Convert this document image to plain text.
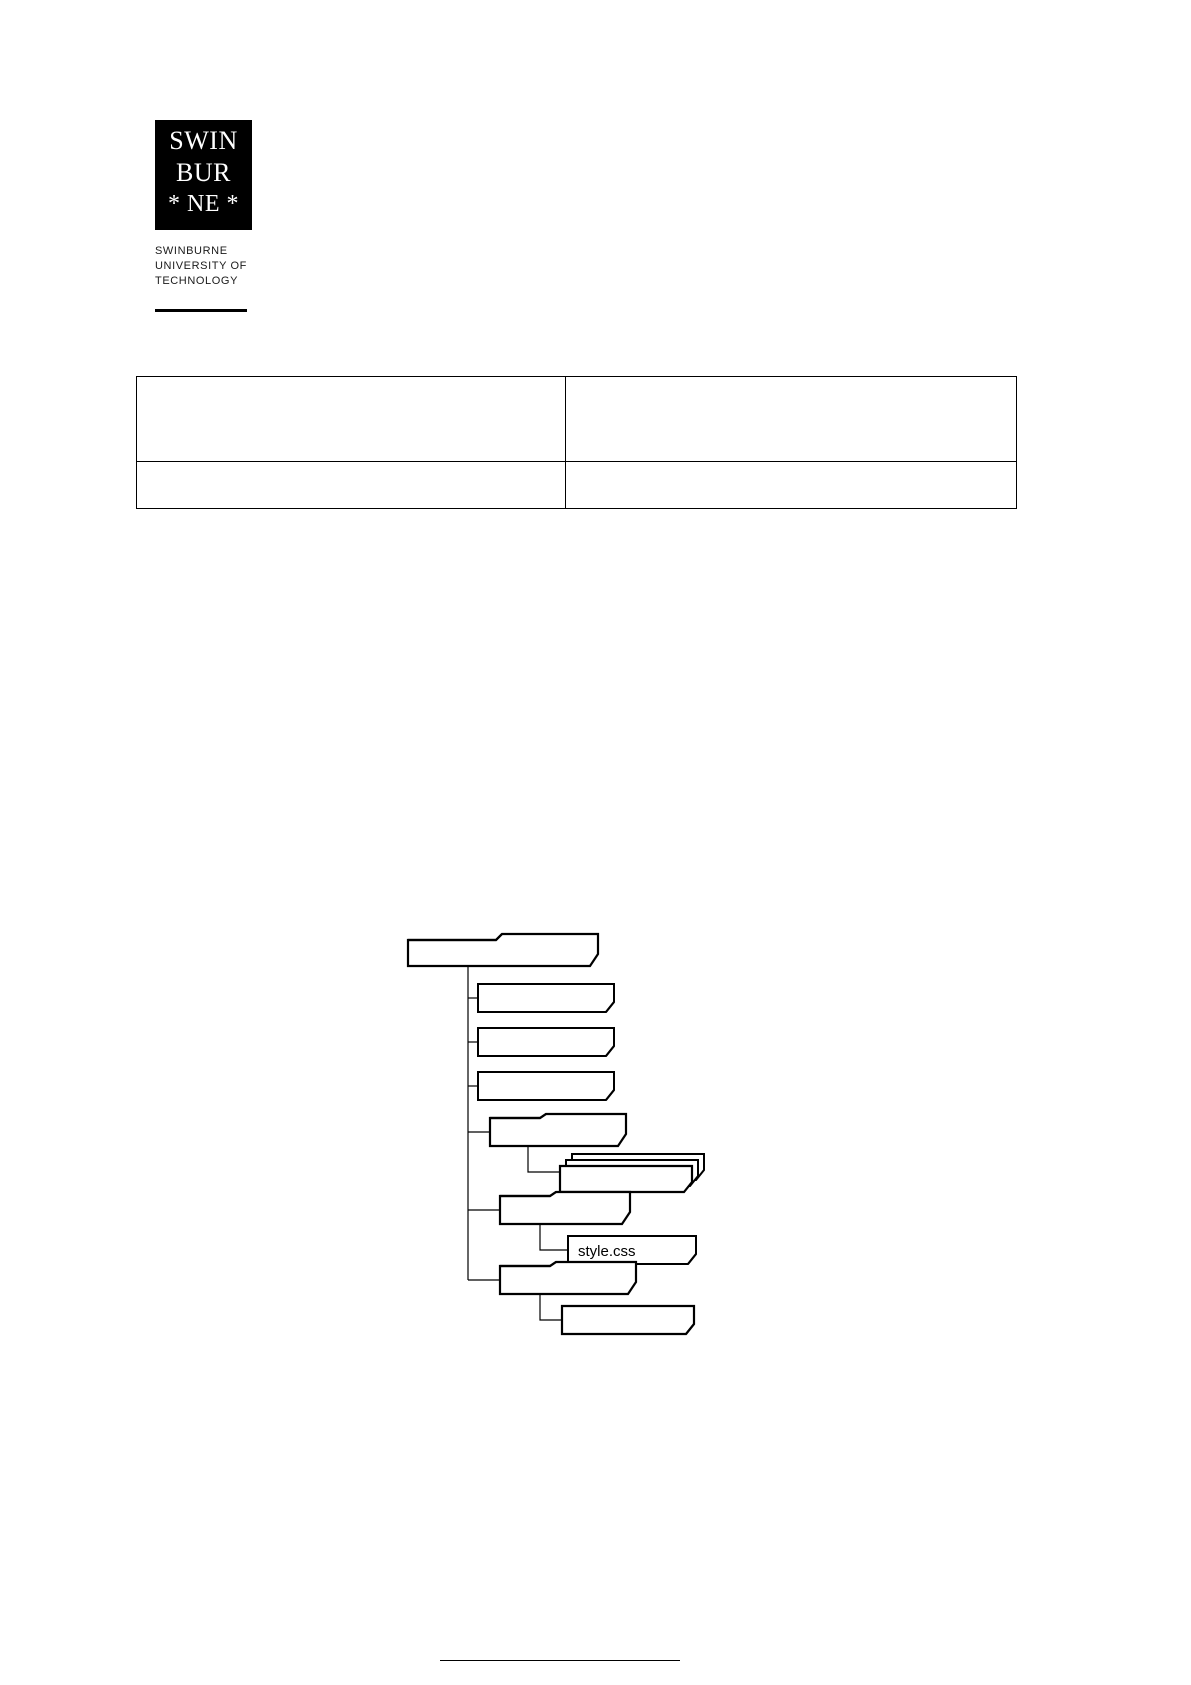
SWIN
BUR
* NE *
SWINBURNE
UNIVERSITY OF
TECHNOLOGY

style.css
